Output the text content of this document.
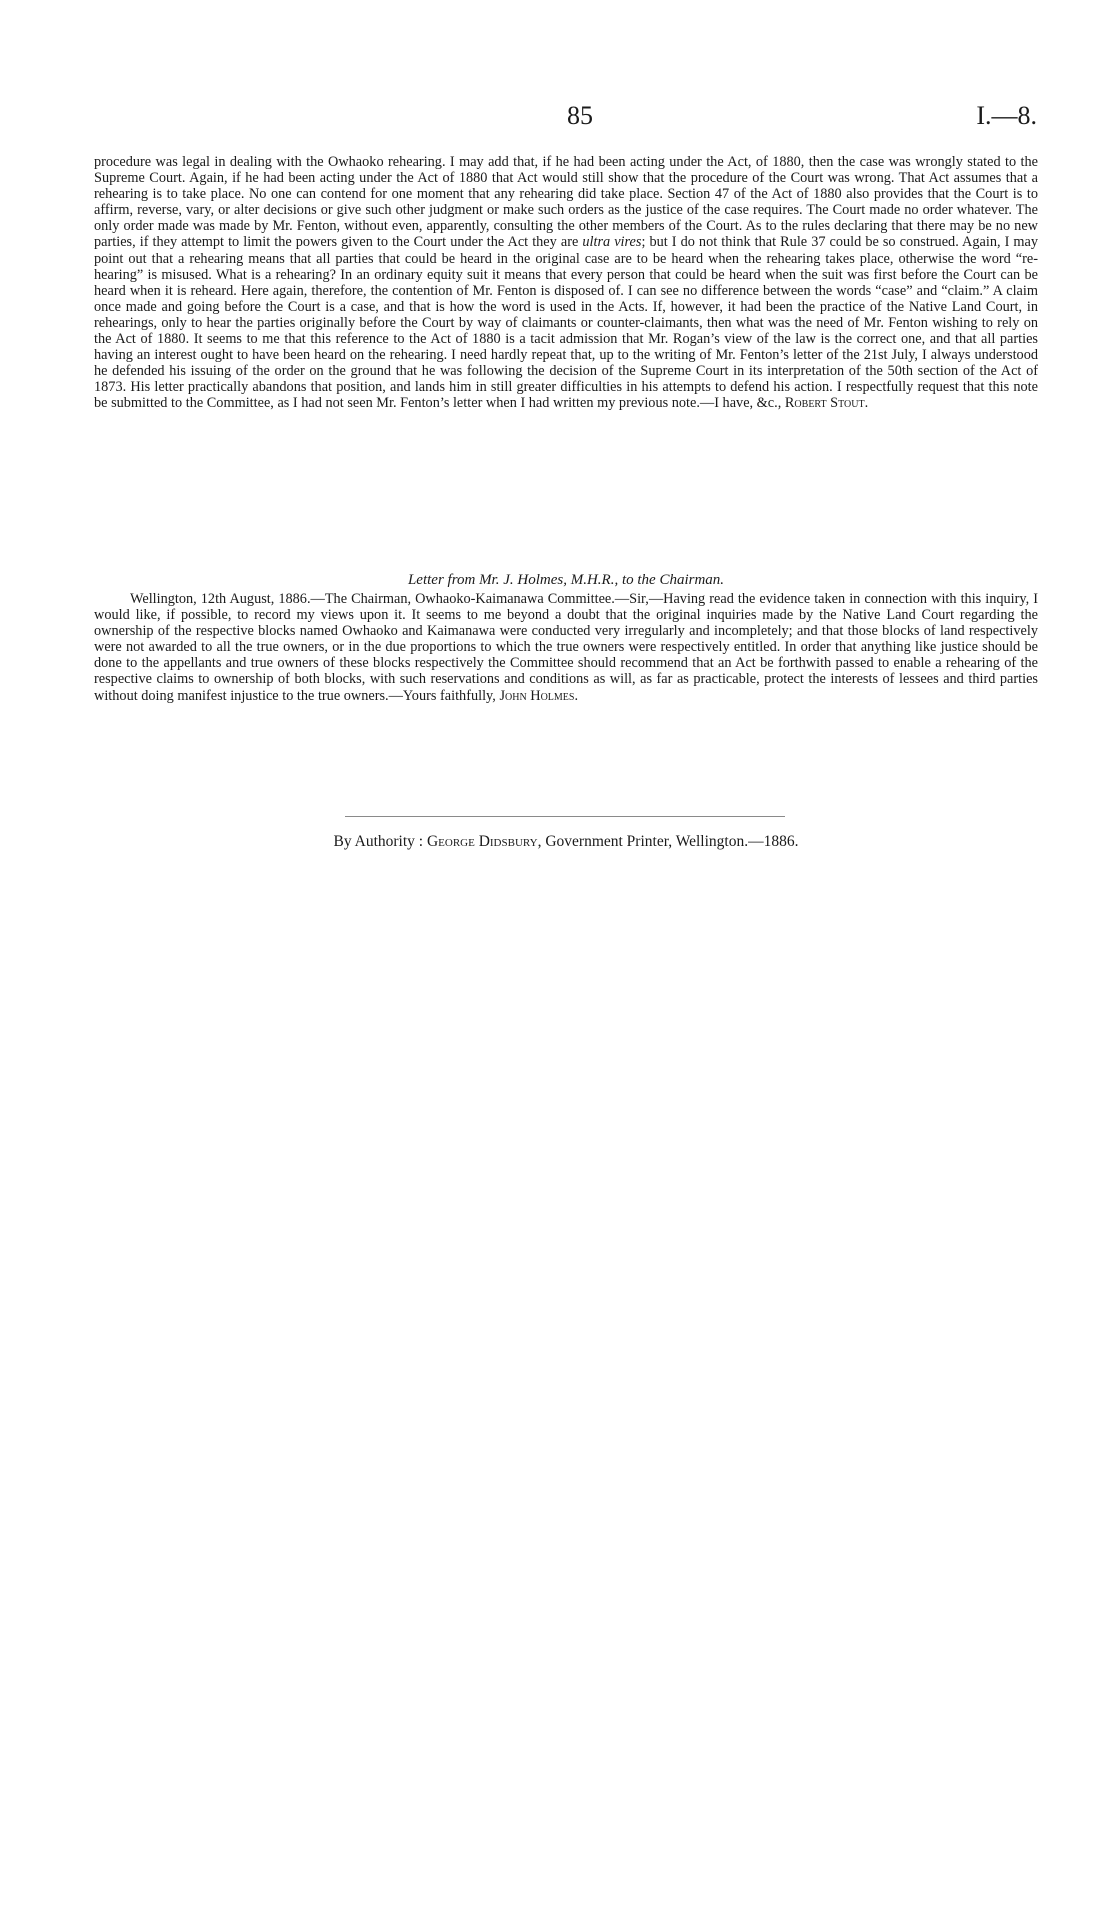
85	I.—8.

procedure was legal in dealing with the Owhaoko rehearing. I may add that, if he had been acting under the Act, of 1880, then the case was wrongly stated to the Supreme Court. Again, if he had been acting under the Act of 1880 that Act would still show that the procedure of the Court was wrong. That Act assumes that a rehearing is to take place. No one can contend for one moment that any rehearing did take place. Section 47 of the Act of 1880 also provides that the Court is to affirm, reverse, vary, or alter decisions or give such other judgment or make such orders as the justice of the case requires. The Court made no order whatever. The only order made was made by Mr. Fenton, without even, apparently, consulting the other members of the Court. As to the rules declaring that there may be no new parties, if they attempt to limit the powers given to the Court under the Act they are ultra vires; but I do not think that Rule 37 could be so construed. Again, I may point out that a rehearing means that all parties that could be heard in the original case are to be heard when the rehearing takes place, otherwise the word “re-hearing” is misused. What is a rehearing? In an ordinary equity suit it means that every person that could be heard when the suit was first before the Court can be heard when it is reheard. Here again, therefore, the contention of Mr. Fenton is disposed of. I can see no difference between the words “case” and “claim.” A claim once made and going before the Court is a case, and that is how the word is used in the Acts. If, however, it had been the practice of the Native Land Court, in rehearings, only to hear the parties originally before the Court by way of claimants or counter-claimants, then what was the need of Mr. Fenton wishing to rely on the Act of 1880. It seems to me that this reference to the Act of 1880 is a tacit admission that Mr. Rogan’s view of the law is the correct one, and that all parties having an interest ought to have been heard on the rehearing. I need hardly repeat that, up to the writing of Mr. Fenton’s letter of the 21st July, I always understood he defended his issuing of the order on the ground that he was following the decision of the Supreme Court in its interpretation of the 50th section of the Act of 1873. His letter practically abandons that position, and lands him in still greater difficulties in his attempts to defend his action. I respectfully request that this note be submitted to the Committee, as I had not seen Mr. Fenton’s letter when I had written my previous note.—I have, &c., Robert Stout.

Letter from Mr. J. Holmes, M.H.R., to the Chairman.

Wellington, 12th August, 1886.—The Chairman, Owhaoko-Kaimanawa Committee.—Sir,—Having read the evidence taken in connection with this inquiry, I would like, if possible, to record my views upon it. It seems to me beyond a doubt that the original inquiries made by the Native Land Court regarding the ownership of the respective blocks named Owhaoko and Kaimanawa were conducted very irregularly and incompletely; and that those blocks of land respectively were not awarded to all the true owners, or in the due proportions to which the true owners were respectively entitled. In order that anything like justice should be done to the appellants and true owners of these blocks respectively the Committee should recommend that an Act be forthwith passed to enable a rehearing of the respective claims to ownership of both blocks, with such reservations and conditions as will, as far as practicable, protect the interests of lessees and third parties without doing manifest injustice to the true owners.—Yours faithfully, John Holmes.

By Authority : George Didsbury, Government Printer, Wellington.—1886.
